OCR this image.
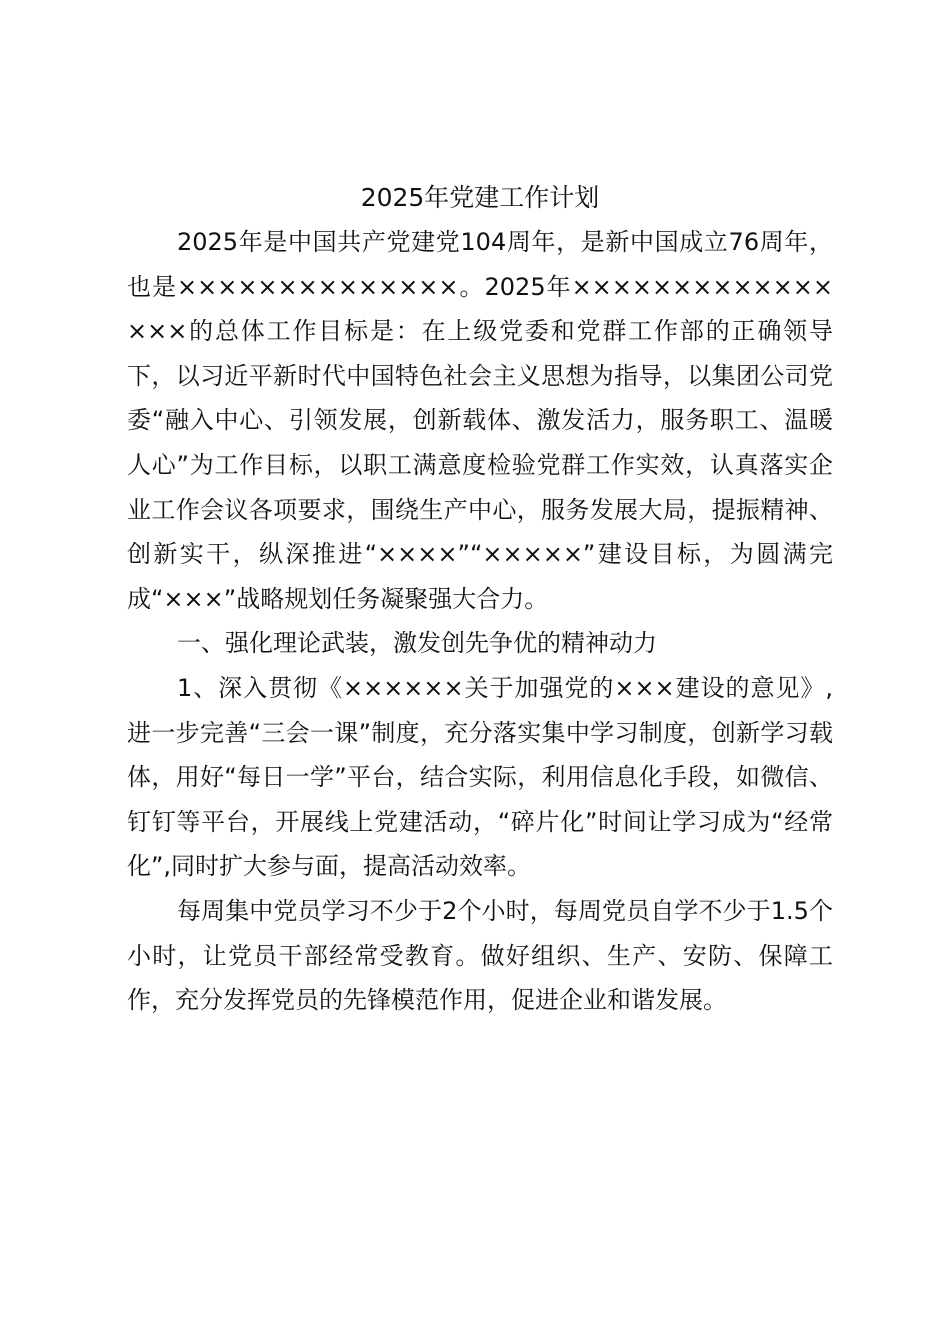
2025年党建工作计划

2025年是中国共产党建党104周年，是新中国成立76周年，也是××××××××××××××。2025年××××××××××××××××的总体工作目标是：在上级党委和党群工作部的正确领导下，以习近平新时代中国特色社会主义思想为指导，以集团公司党委“融入中心、引领发展，创新载体、激发活力，服务职工、温暖人心”为工作目标，以职工满意度检验党群工作实效，认真落实企业工作会议各项要求，围绕生产中心，服务发展大局，提振精神、创新实干，纵深推进“××××”“×××××”建设目标，为圆满完成“×××”战略规划任务凝聚强大合力。

一、强化理论武装，激发创先争优的精神动力

1、深入贯彻《××××××关于加强党的×××建设的意见》,进一步完善“三会一课”制度，充分落实集中学习制度，创新学习载体，用好“每日一学”平台，结合实际，利用信息化手段，如微信、钉钉等平台，开展线上党建活动，“碎片化”时间让学习成为“经常化”,同时扩大参与面，提高活动效率。

每周集中党员学习不少于2个小时，每周党员自学不少于1.5个小时，让党员干部经常受教育。做好组织、生产、安防、保障工作，充分发挥党员的先锋模范作用，促进企业和谐发展。
